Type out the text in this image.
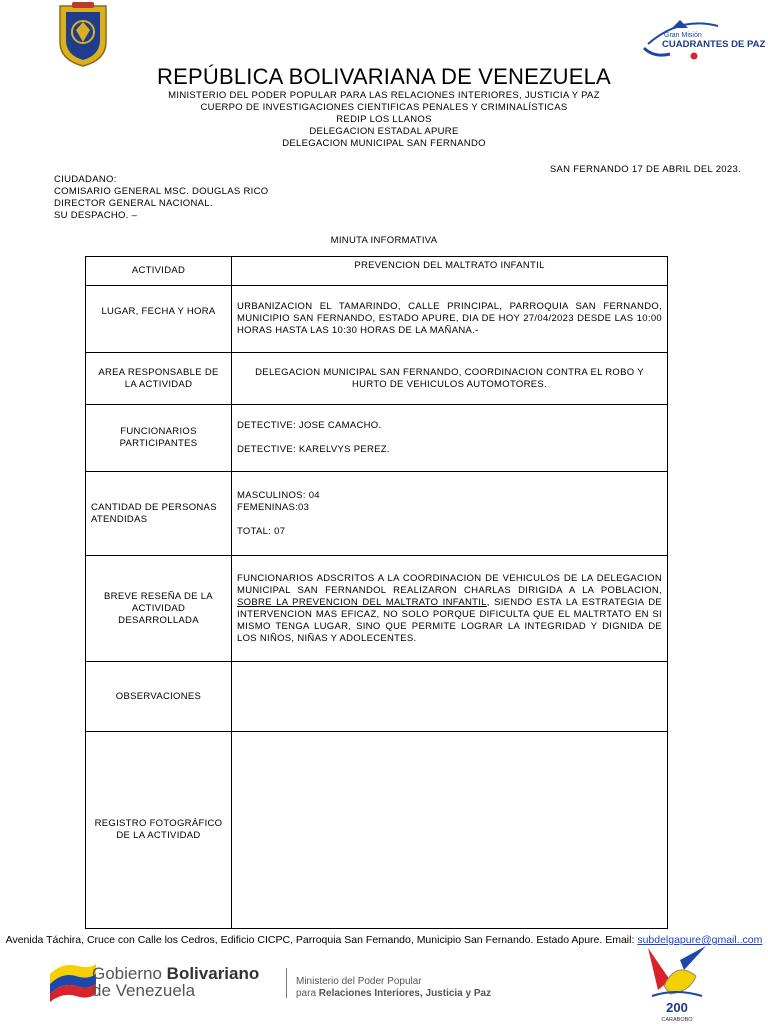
Gran Misión
CUADRANTES DE PAZ
REPÚBLICA BOLIVARIANA DE VENEZUELA
MINISTERIO DEL PODER POPULAR PARA LAS RELACIONES INTERIORES, JUSTICIA Y PAZ
CUERPO DE INVESTIGACIONES CIENTIFICAS PENALES Y CRIMINALÍSTICAS
REDIP LOS LLANOS
DELEGACION ESTADAL APURE
DELEGACION MUNICIPAL SAN FERNANDO
SAN FERNANDO 17 DE ABRIL DEL 2023.
CIUDADANO:
COMISARIO GENERAL MSC. DOUGLAS RICO
DIRECTOR GENERAL NACIONAL.
SU DESPACHO. –
MINUTA INFORMATIVA
ACTIVIDAD	PREVENCION DEL MALTRATO INFANTIL
LUGAR, FECHA Y HORA	URBANIZACION EL TAMARINDO, CALLE PRINCIPAL, PARROQUIA SAN FERNANDO, MUNICIPIO SAN FERNANDO, ESTADO APURE, DIA DE HOY 27/04/2023 DESDE LAS 10:00 HORAS HASTA LAS 10:30 HORAS DE LA MAÑANA.-
AREA RESPONSABLE DE LA ACTIVIDAD	DELEGACION MUNICIPAL SAN FERNANDO, COORDINACION CONTRA EL ROBO Y HURTO DE VEHICULOS AUTOMOTORES.
FUNCIONARIOS PARTICIPANTES	DETECTIVE: JOSE CAMACHO.
DETECTIVE: KARELVYS PEREZ.

CANTIDAD DE PERSONAS ATENDIDAS	MASCULINOS: 04
FEMENINAS:03
TOTAL: 07

BREVE RESEÑA DE LA ACTIVIDAD DESARROLLADA	FUNCIONARIOS ADSCRITOS A LA COORDINACION DE VEHICULOS DE LA DELEGACION MUNICIPAL SAN FERNANDOL REALIZARON CHARLAS DIRIGIDA A LA POBLACION, SOBRE LA PREVENCION DEL MALTRATO INFANTIL, SIENDO ESTA LA ESTRATEGIA DE INTERVENCION MAS EFICAZ, NO SOLO PORQUE DIFICULTA QUE EL MALTRTATO EN SI MISMO TENGA LUGAR, SINO QUE PERMITE LOGRAR LA INTEGRIDAD Y DIGNIDA DE LOS NIÑOS, NIÑAS Y ADOLECENTES.
OBSERVACIONES	
REGISTRO FOTOGRÁFICO DE LA ACTIVIDAD	
Avenida Táchira, Cruce con Calle los Cedros, Edificio CICPC, Parroquia San Fernando, Municipio San Fernando. Estado Apure. Email: subdelgapure@gmail..com
Gobierno Bolivariano
de Venezuela	Ministerio del Poder Popular
para Relaciones Interiores, Justicia y Paz
200
CARABOBO
